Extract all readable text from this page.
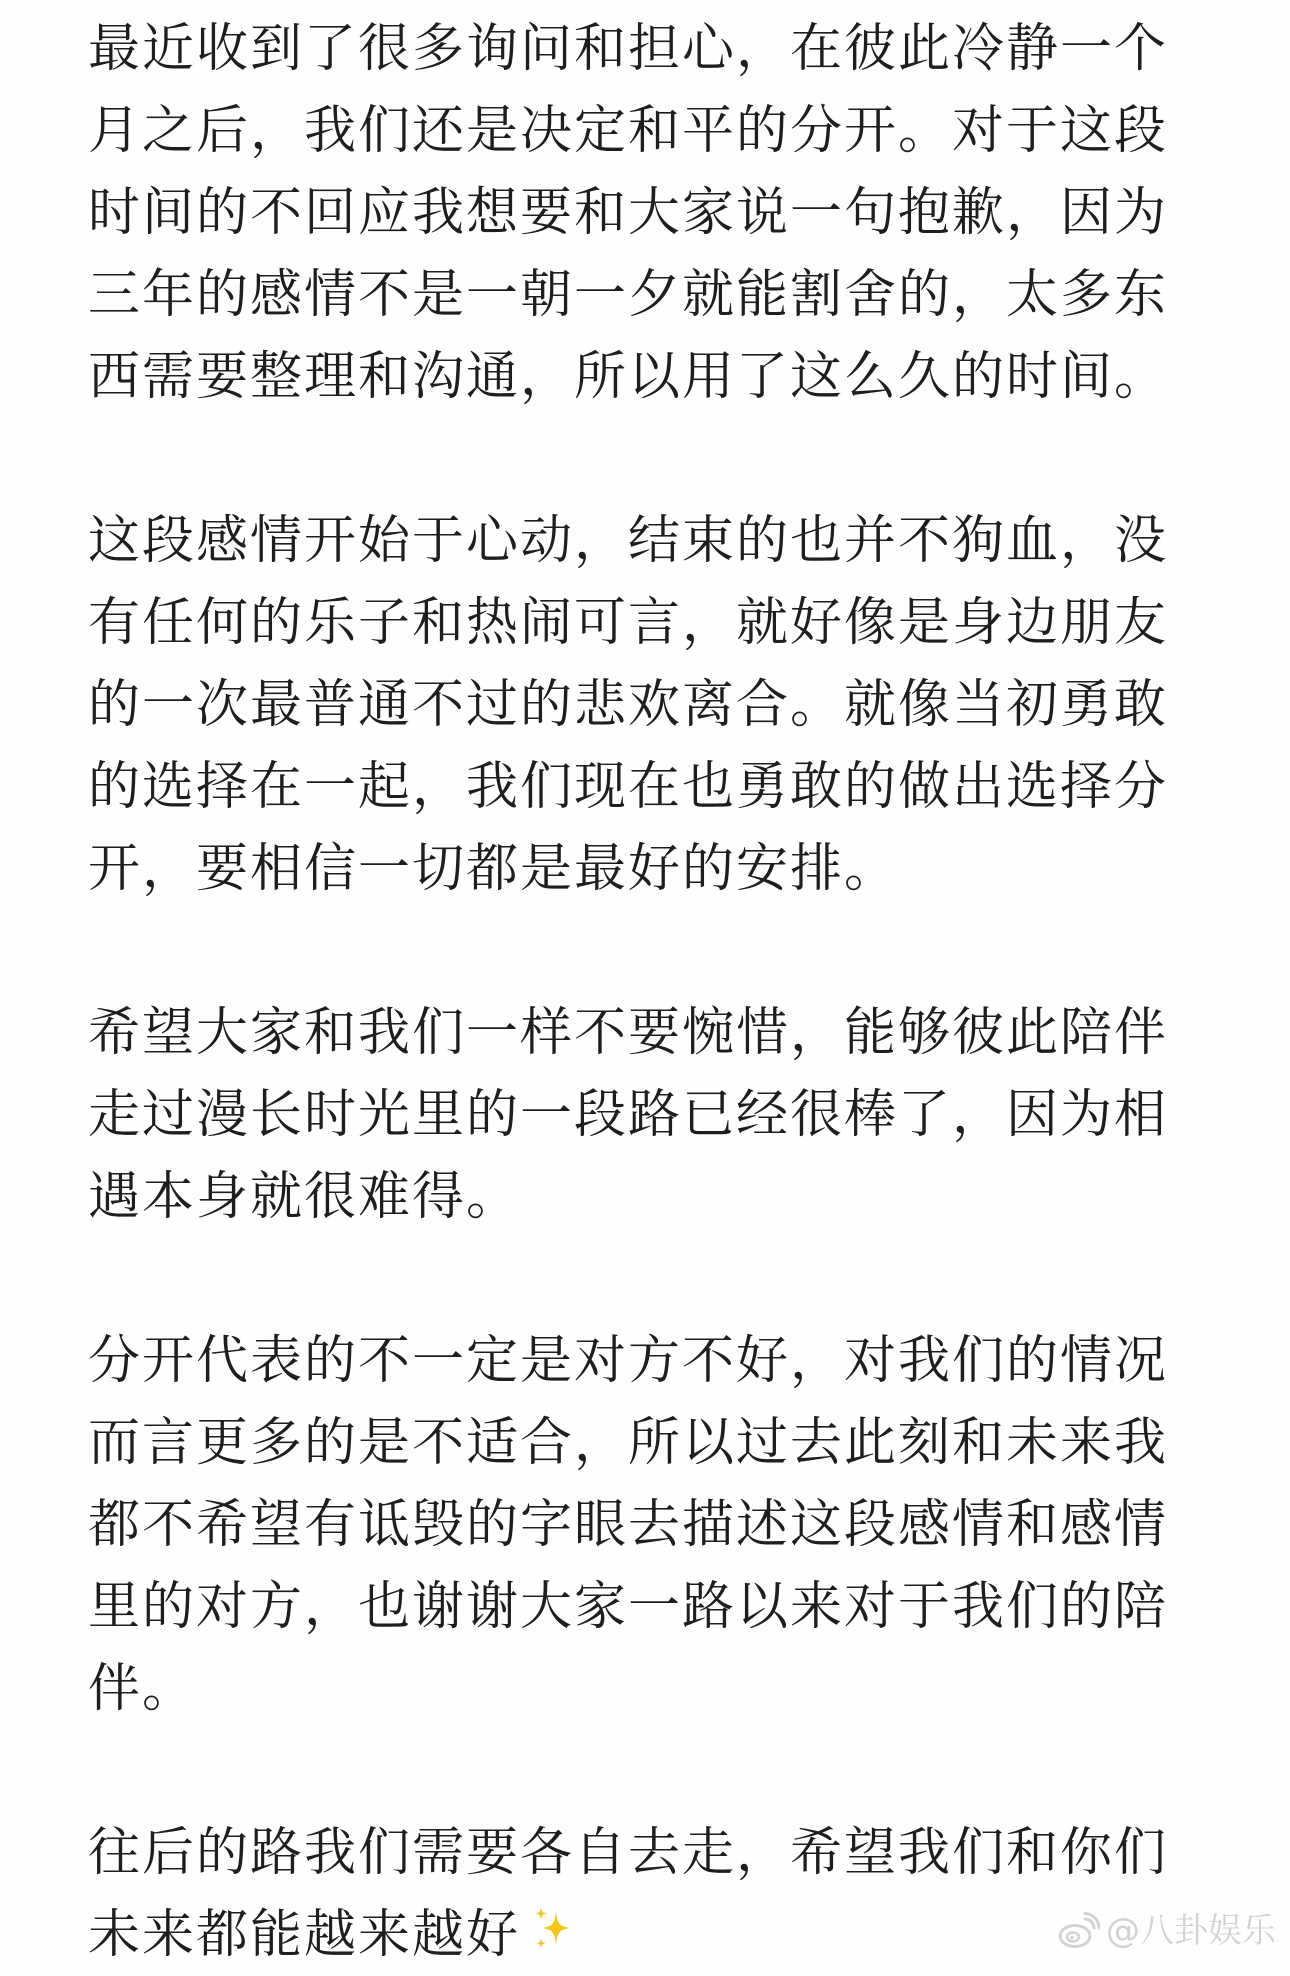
最近收到了很多询问和担心，在彼此冷静一个
月之后，我们还是决定和平的分开。对于这段
时间的不回应我想要和大家说一句抱歉，因为
三年的感情不是一朝一夕就能割舍的，太多东
西需要整理和沟通，所以用了这么久的时间。
这段感情开始于心动，结束的也并不狗血，没
有任何的乐子和热闹可言，就好像是身边朋友
的一次最普通不过的悲欢离合。就像当初勇敢
的选择在一起，我们现在也勇敢的做出选择分
开，要相信一切都是最好的安排。
希望大家和我们一样不要惋惜，能够彼此陪伴
走过漫长时光里的一段路已经很棒了，因为相
遇本身就很难得。
分开代表的不一定是对方不好，对我们的情况
而言更多的是不适合，所以过去此刻和未来我
都不希望有诋毁的字眼去描述这段感情和感情
里的对方，也谢谢大家一路以来对于我们的陪
伴。
往后的路我们需要各自去走，希望我们和你们
未来都能越来越好	@八卦娱乐
